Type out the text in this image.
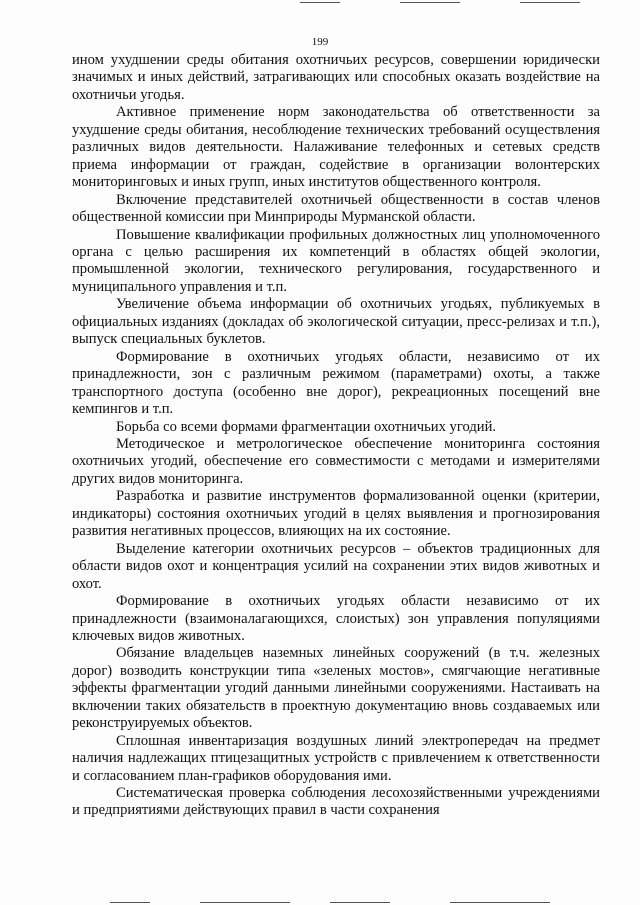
199

ином ухудшении среды обитания охотничьих ресурсов, совершении юридически значимых и иных действий, затрагивающих или способных оказать воздействие на охотничьи угодья.

Активное применение норм законодательства об ответственности за ухудшение среды обитания, несоблюдение технических требований осуществления различных видов деятельности. Налаживание телефонных и сетевых средств приема информации от граждан, содействие в организации волонтерских мониторинговых и иных групп, иных институтов общественного контроля.

Включение представителей охотничьей общественности в состав членов общественной комиссии при Минприроды Мурманской области.

Повышение квалификации профильных должностных лиц уполномоченного органа с целью расширения их компетенций в областях общей экологии, промышленной экологии, технического регулирования, государственного и муниципального управления и т.п.

Увеличение объема информации об охотничьих угодьях, публикуемых в официальных изданиях (докладах об экологической ситуации, пресс-релизах и т.п.), выпуск специальных буклетов.

Формирование в охотничьих угодьях области, независимо от их принадлежности, зон с различным режимом (параметрами) охоты, а также транспортного доступа (особенно вне дорог), рекреационных посещений вне кемпингов и т.п.

Борьба со всеми формами фрагментации охотничьих угодий.

Методическое и метрологическое обеспечение мониторинга состояния охотничьих угодий, обеспечение его совместимости с методами и измерителями других видов мониторинга.

Разработка и развитие инструментов формализованной оценки (критерии, индикаторы) состояния охотничьих угодий в целях выявления и прогнозирования развития негативных процессов, влияющих на их состояние.

Выделение категории охотничьих ресурсов – объектов традиционных для области видов охот и концентрация усилий на сохранении этих видов животных и охот.

Формирование в охотничьих угодьях области независимо от их принадлежности (взаимоналагающихся, слоистых) зон управления популяциями ключевых видов животных.

Обязание владельцев наземных линейных сооружений (в т.ч. железных дорог) возводить конструкции типа «зеленых мостов», смягчающие негативные эффекты фрагментации угодий данными линейными сооружениями. Настаивать на включении таких обязательств в проектную документацию вновь создаваемых или реконструируемых объектов.

Сплошная инвентаризация воздушных линий электропередач на предмет наличия надлежащих птицезащитных устройств с привлечением к ответственности и согласованием план-графиков оборудования ими.

Систематическая проверка соблюдения лесохозяйственными учреждениями и предприятиями действующих правил в части сохранения
